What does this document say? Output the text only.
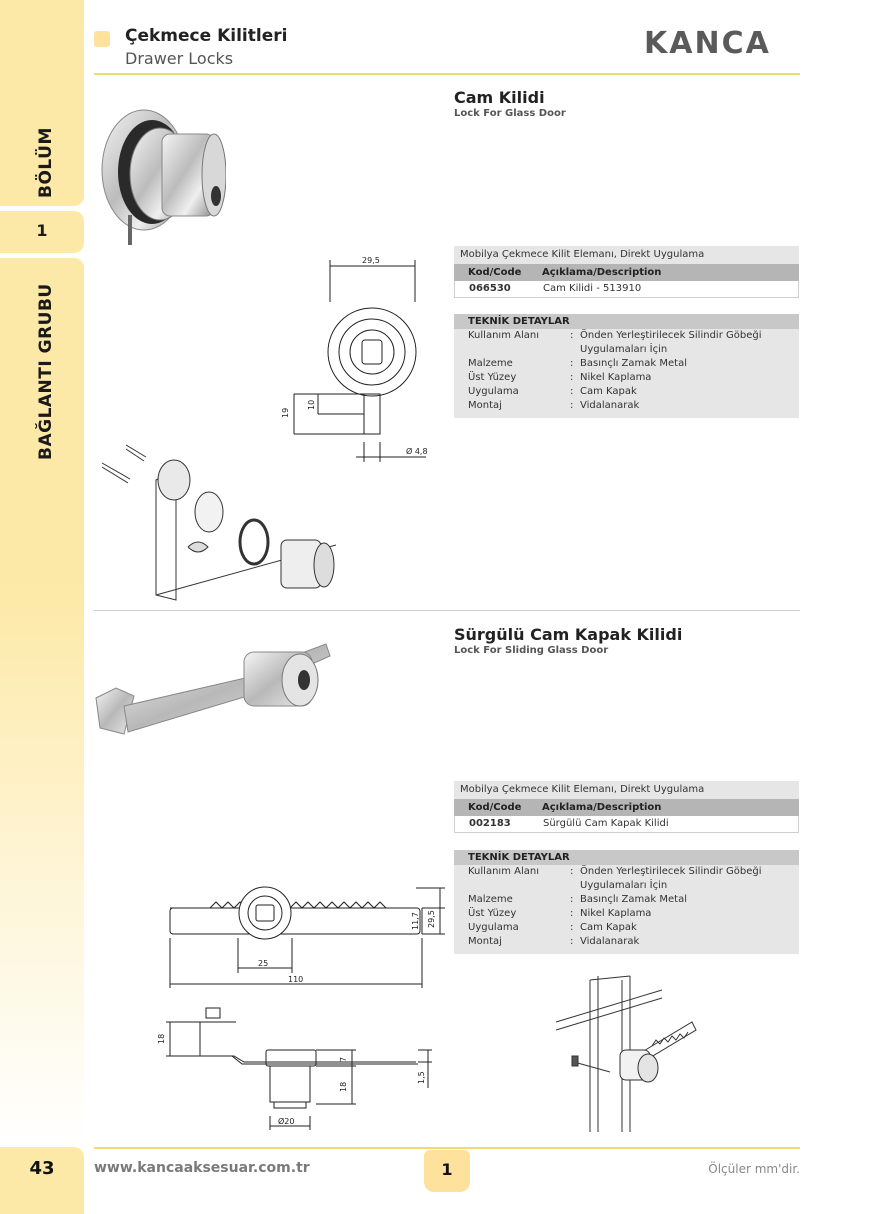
BÖLÜM
1
BAĞLANTI GRUBU
Çekmece Kilitleri
Drawer Locks	KANCA
Cam Kilidi
Lock For Glass Door
29,5
19
10
Ø 4,8
Mobilya Çekmece Kilit Elemanı, Direkt Uygulama
Kod/Code	Açıklama/Description
066530	Cam Kilidi - 513910
TEKNİK DETAYLAR
Kullanım Alanı	: Önden Yerleştirilecek Silindir Göbeği
Uygulamaları İçin
Malzeme	: Basınçlı Zamak Metal
Üst Yüzey	: Nikel Kaplama
Uygulama	: Cam Kapak
Montaj	: Vidalanarak
Sürgülü Cam Kapak Kilidi
Lock For Sliding Glass Door
Mobilya Çekmece Kilit Elemanı, Direkt Uygulama
Kod/Code	Açıklama/Description
002183	Sürgülü Cam Kapak Kilidi
TEKNİK DETAYLAR
Kullanım Alanı	: Önden Yerleştirilecek Silindir Göbeği
Uygulamaları İçin
Malzeme	: Basınçlı Zamak Metal
Üst Yüzey	: Nikel Kaplama
Uygulama	: Cam Kapak
Montaj	: Vidalanarak
25
110
11,7 29,5
18
7
18
1,5
Ø20
43	www.kancaaksesuar.com.tr	1	Ölçüler mm'dir.
